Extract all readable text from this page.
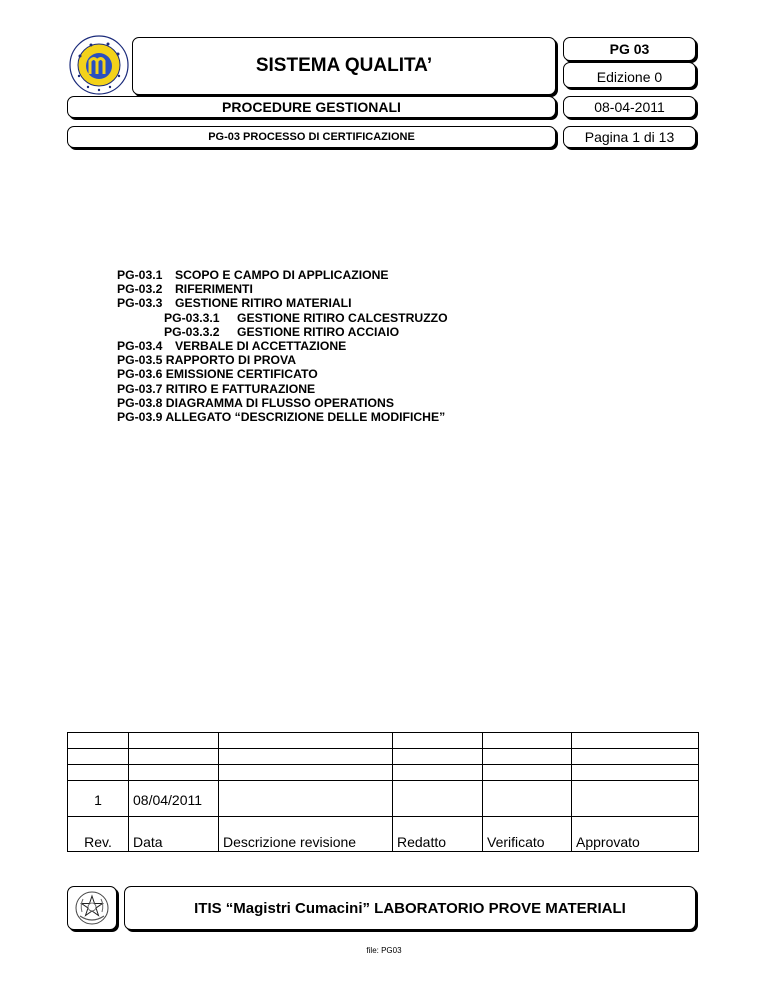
SISTEMA QUALITA’
PG 03
Edizione 0
PROCEDURE GESTIONALI	08-04-2011
PG-03 PROCESSO DI CERTIFICAZIONE	Pagina 1 di 13
PG-03.1 SCOPO E CAMPO DI APPLICAZIONE
PG-03.2 RIFERIMENTI
PG-03.3 GESTIONE RITIRO MATERIALI
PG-03.3.1 GESTIONE RITIRO CALCESTRUZZO
PG-03.3.2 GESTIONE RITIRO ACCIAIO
PG-03.4 VERBALE DI ACCETTAZIONE
PG-03.5 RAPPORTO DI PROVA
PG-03.6 EMISSIONE CERTIFICATO
PG-03.7 RITIRO E FATTURAZIONE
PG-03.8 DIAGRAMMA DI FLUSSO OPERATIONS
PG-03.9 ALLEGATO “DESCRIZIONE DELLE MODIFICHE”

1	08/04/2011				
Rev.	Data	Descrizione revisione	Redatto	Verificato	Approvato
ITIS “Magistri Cumacini” LABORATORIO PROVE MATERIALI
file: PG03
